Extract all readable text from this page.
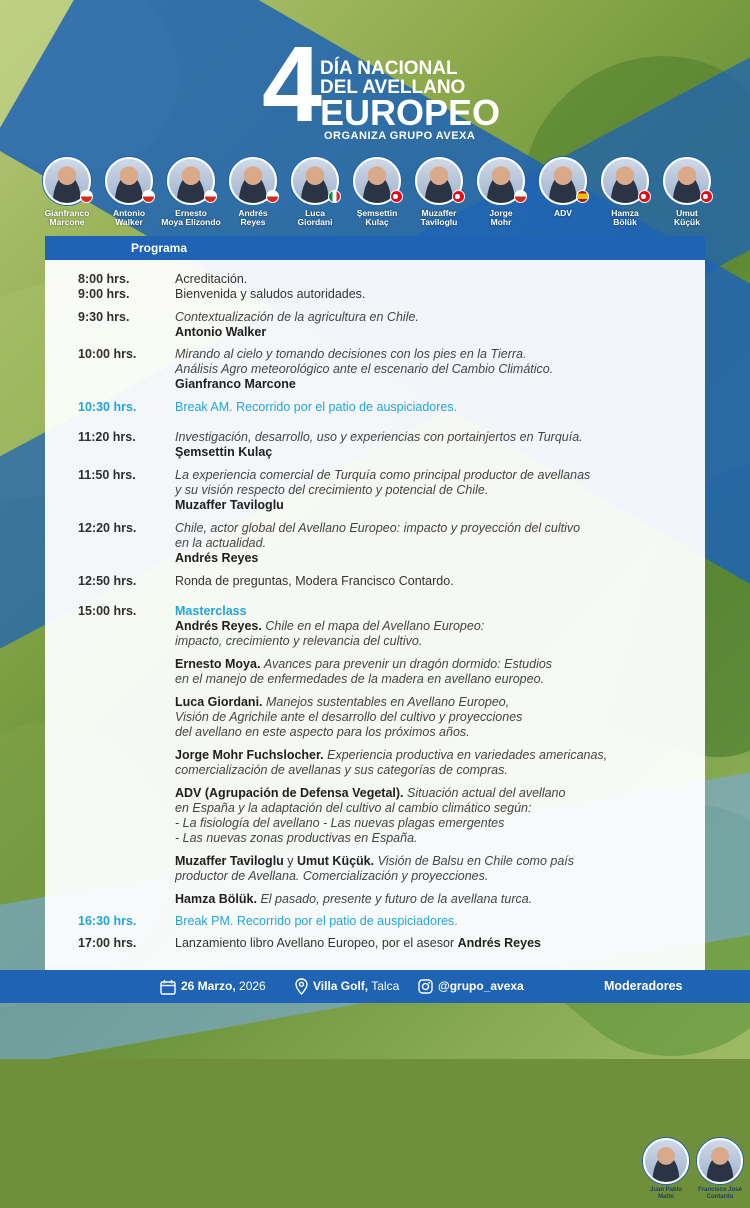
4 DÍA NACIONAL
DEL AVELLANO
EUROPEO
ORGANIZA GRUPO AVEXA
Gianfranco
Marcone
Antonio
Walker
Ernesto
Moya Elizondo
Andrés
Reyes
Luca
Giordani
Şemsettin
Kulaç
Muzaffer
Taviloglu
Jorge
Mohr
ADV	Hamza
Bölük
Umut
Küçük
Programa
8:00 hrs.	Acreditación.
9:00 hrs.	Bienvenida y saludos autoridades.
9:30 hrs.	Contextualización de la agricultura en Chile.
Antonio Walker
10:00 hrs.	Mirando al cielo y tomando decisiones con los pies en la Tierra.
Análisis Agro meteorológico ante el escenario del Cambio Climático.
Gianfranco Marcone
10:30 hrs.	Break AM. Recorrido por el patio de auspiciadores.
11:20 hrs.	Investigación, desarrollo, uso y experiencias con portainjertos en Turquía.
Şemsettin Kulaç
11:50 hrs.	La experiencia comercial de Turquía como principal productor de avellanas
y su visión respecto del crecimiento y potencial de Chile.
Muzaffer Taviloglu
12:20 hrs.	Chile, actor global del Avellano Europeo: impacto y proyección del cultivo
en la actualidad.
Andrés Reyes
12:50 hrs.	Ronda de preguntas, Modera Francisco Contardo.
15:00 hrs.	Masterclass
Andrés Reyes. Chile en el mapa del Avellano Europeo:
impacto, crecimiento y relevancia del cultivo.
Ernesto Moya. Avances para prevenir un dragón dormido: Estudios
en el manejo de enfermedades de la madera en avellano europeo.
Luca Giordani. Manejos sustentables en Avellano Europeo,
Visión de Agrichile ante el desarrollo del cultivo y proyecciones
del avellano en este aspecto para los próximos años.
Jorge Mohr Fuchslocher. Experiencia productiva en variedades americanas,
comercialización de avellanas y sus categorías de compras.
ADV (Agrupación de Defensa Vegetal). Situación actual del avellano
en España y la adaptación del cultivo al cambio climático según:
- La fisiología del avellano - Las nuevas plagas emergentes
- Las nuevas zonas productivas en España.
Muzaffer Taviloglu y Umut Küçük. Visión de Balsu en Chile como país
productor de Avellana. Comercialización y proyecciones.
Hamza Bölük. El pasado, presente y futuro de la avellana turca.
16:30 hrs.	Break PM. Recorrido por el patio de auspiciadores.
17:00 hrs.	Lanzamiento libro Avellano Europeo, por el asesor Andrés Reyes
Juan Pablo
Matte
Francisco José
Contardo
26 Marzo, 2026	Villa Golf, Talca	@grupo_avexa	Moderadores
